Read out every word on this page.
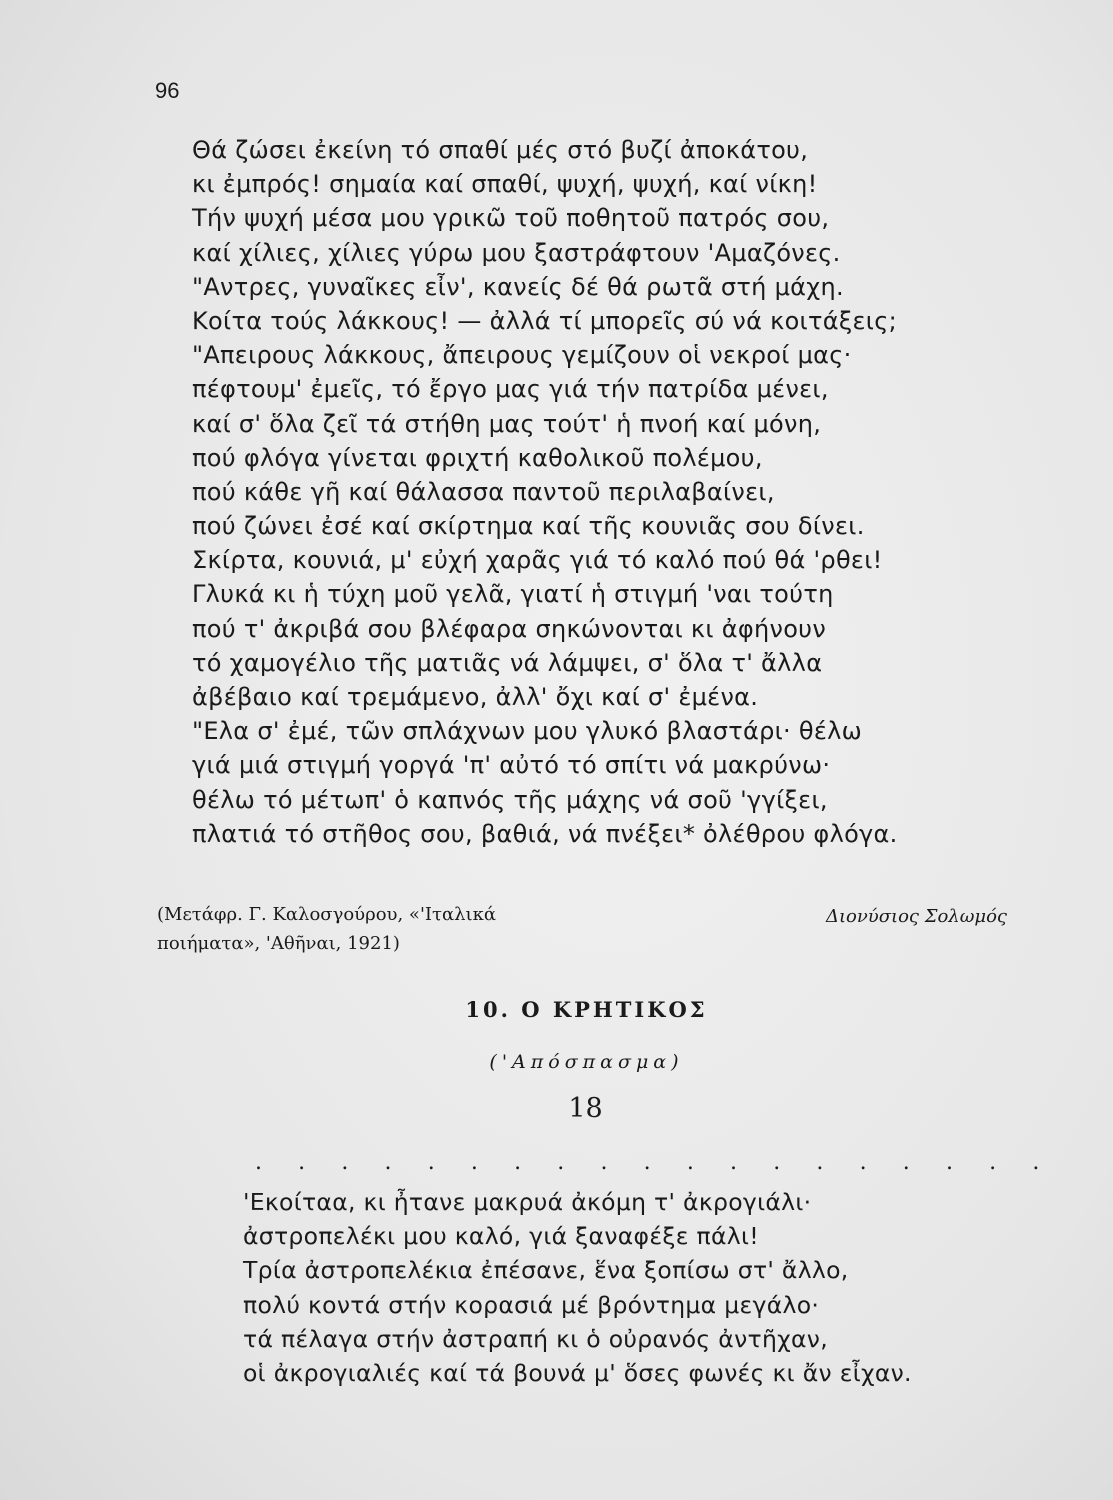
96
Θά ζώσει ἐκείνη τό σπαθί μές στό βυζί ἀποκάτου,
κι ἐμπρός! σημαία καί σπαθί, ψυχή, ψυχή, καί νίκη!
Τήν ψυχή μέσα μου γρικῶ τοῦ ποθητοῦ πατρός σου,
καί χίλιες, χίλιες γύρω μου ξαστράφτουν 'Αμαζόνες.
"Αντρες, γυναῖκες εἶν', κανείς δέ θά ρωτᾶ στή μάχη.
Κοίτα τούς λάκκους! — ἀλλά τί μπορεῖς σύ νά κοιτάξεις;
"Απειρους λάκκους, ἄπειρους γεμίζουν οἱ νεκροί μας·
πέφτουμ' ἐμεῖς, τό ἔργο μας γιά τήν πατρίδα μένει,
καί σ' ὅλα ζεῖ τά στήθη μας τούτ' ἡ πνοή καί μόνη,
πού φλόγα γίνεται φριχτή καθολικοῦ πολέμου,
πού κάθε γῆ καί θάλασσα παντοῦ περιλαβαίνει,
πού ζώνει ἐσέ καί σκίρτημα καί τῆς κουνιᾶς σου δίνει.
Σκίρτα, κουνιά, μ' εὐχή χαρᾶς γιά τό καλό πού θά 'ρθει!
Γλυκά κι ἡ τύχη μοῦ γελᾶ, γιατί ἡ στιγμή 'ναι τούτη
πού τ' ἀκριβά σου βλέφαρα σηκώνονται κι ἀφήνουν
τό χαμογέλιο τῆς ματιᾶς νά λάμψει, σ' ὅλα τ' ἄλλα
ἀβέβαιο καί τρεμάμενο, ἀλλ' ὄχι καί σ' ἐμένα.
"Ελα σ' ἐμέ, τῶν σπλάχνων μου γλυκό βλαστάρι· θέλω
γιά μιά στιγμή γοργά 'π' αὐτό τό σπίτι νά μακρύνω·
θέλω τό μέτωπ' ὁ καπνός τῆς μάχης νά σοῦ 'γγίξει,
πλατιά τό στῆθος σου, βαθιά, νά πνέξει* ὀλέθρου φλόγα.
(Μετάφρ. Γ. Καλοσγούρου, «'Ιταλικά
ποιήματα», 'Αθῆναι, 1921)
Διονύσιος Σολωμός
10. Ο ΚΡΗΤΙΚΟΣ
('Απόσπασμα)
18
. . . . . . . . . . . . . . . . . . .
'Εκοίταα, κι ἦτανε μακρυά ἀκόμη τ' ἀκρογιάλι·
ἀστροπελέκι μου καλό, γιά ξαναφέξε πάλι!
Τρία ἀστροπελέκια ἐπέσανε, ἕνα ξοπίσω στ' ἄλλο,
πολύ κοντά στήν κορασιά μέ βρόντημα μεγάλο·
τά πέλαγα στήν ἀστραπή κι ὁ οὐρανός ἀντῆχαν,
οἱ ἀκρογιαλιές καί τά βουνά μ' ὅσες φωνές κι ἄν εἶχαν.
